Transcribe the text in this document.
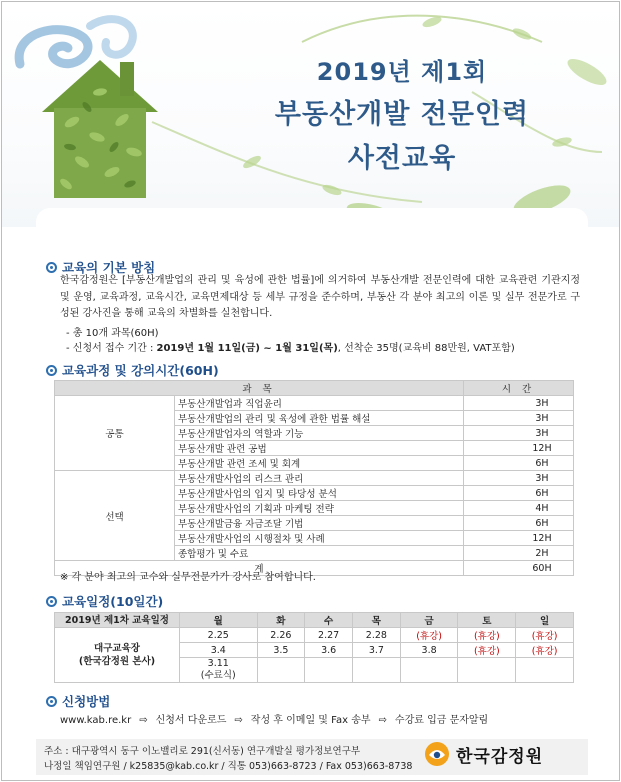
2019년 제1회
부동산개발 전문인력
사전교육
교육의 기본 방침
한국감정원은 [부동산개발업의 관리 및 육성에 관한 법률]에 의거하여 부동산개발 전문인력에 대한 교육관련 기관지정 및 운영, 교육과정, 교육시간, 교육면제대상 등 세부 규정을 준수하며, 부동산 각 분야 최고의 이론 및 실무 전문가로 구성된 강사진을 통해 교육의 차별화를 실천합니다.
- 총 10개 과목(60H)
- 신청서 접수 기간 : 2019년 1월 11일(금) ~ 1월 31일(목), 선착순 35명(교육비 88만원, VAT포함)
교육과정 및 강의시간(60H)
과 목		시 간
공통	부동산개발업과 직업윤리	3H
	부동산개발업의 관리 및 육성에 관한 법률 해설	3H
	부동산개발업자의 역할과 기능	3H
	부동산개발 관련 공법	12H
	부동산개발 관련 조세 및 회계	6H
선택	부동산개발사업의 리스크 관리	3H
	부동산개발사업의 입지 및 타당성 분석	6H
	부동산개발사업의 기획과 마케팅 전략	4H
	부동산개발금융 자금조달 기법	6H
	부동산개발사업의 시행절차 및 사례	12H
	종합평가 및 수료	2H
계		60H
※ 각 분야 최고의 교수와 실무전문가가 강사로 참여합니다.
교육일정(10일간)
2019년 제1차 교육일정	월	화	수	목	금	토	일

대구교육장
(한국감정원 본사)	2.25	2.26	2.27	2.28	(휴강)	(휴강)	(휴강)
	3.4	3.5	3.6	3.7	3.8	(휴강)	(휴강)

	3.11
(수료식)						

신청방법
www.kab.re.kr ⇨ 신청서 다운로드 ⇨ 작성 후 이메일 및 Fax 송부 ⇨ 수강료 입금 문자알림
주소 : 대구광역시 동구 이노밸리로 291(신서동) 연구개발실 평가정보연구부
나정일 책임연구원 / k25835@kab.co.kr / 직통 053)663-8723 / Fax 053)663-8738	한국감정원
